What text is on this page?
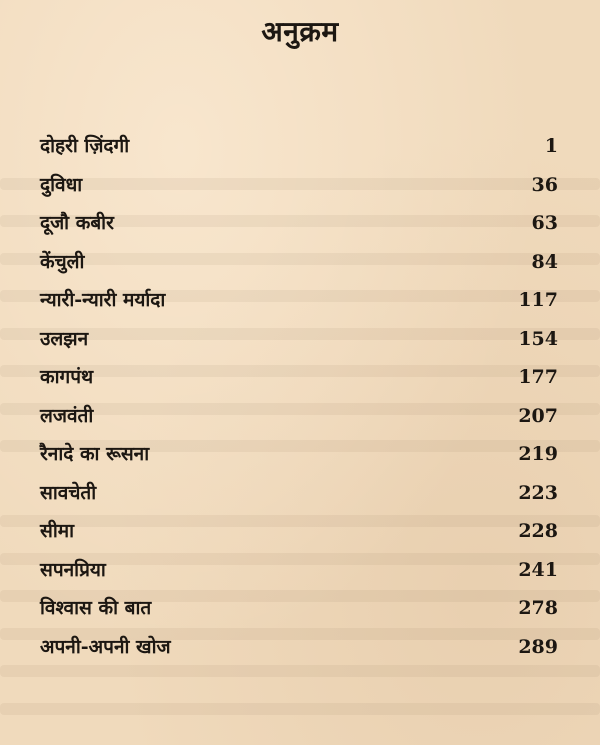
अनुक्रम
दोहरी ज़िंदगी	1
दुविधा	36
दूजौ कबीर	63
केंचुली	84
न्यारी-न्यारी मर्यादा	117
उलझन	154
कागपंथ	177
लजवंती	207
रैनादे का रूसना	219
सावचेती	223
सीमा	228
सपनप्रिया	241
विश्वास की बात	278
अपनी-अपनी खोज	289
